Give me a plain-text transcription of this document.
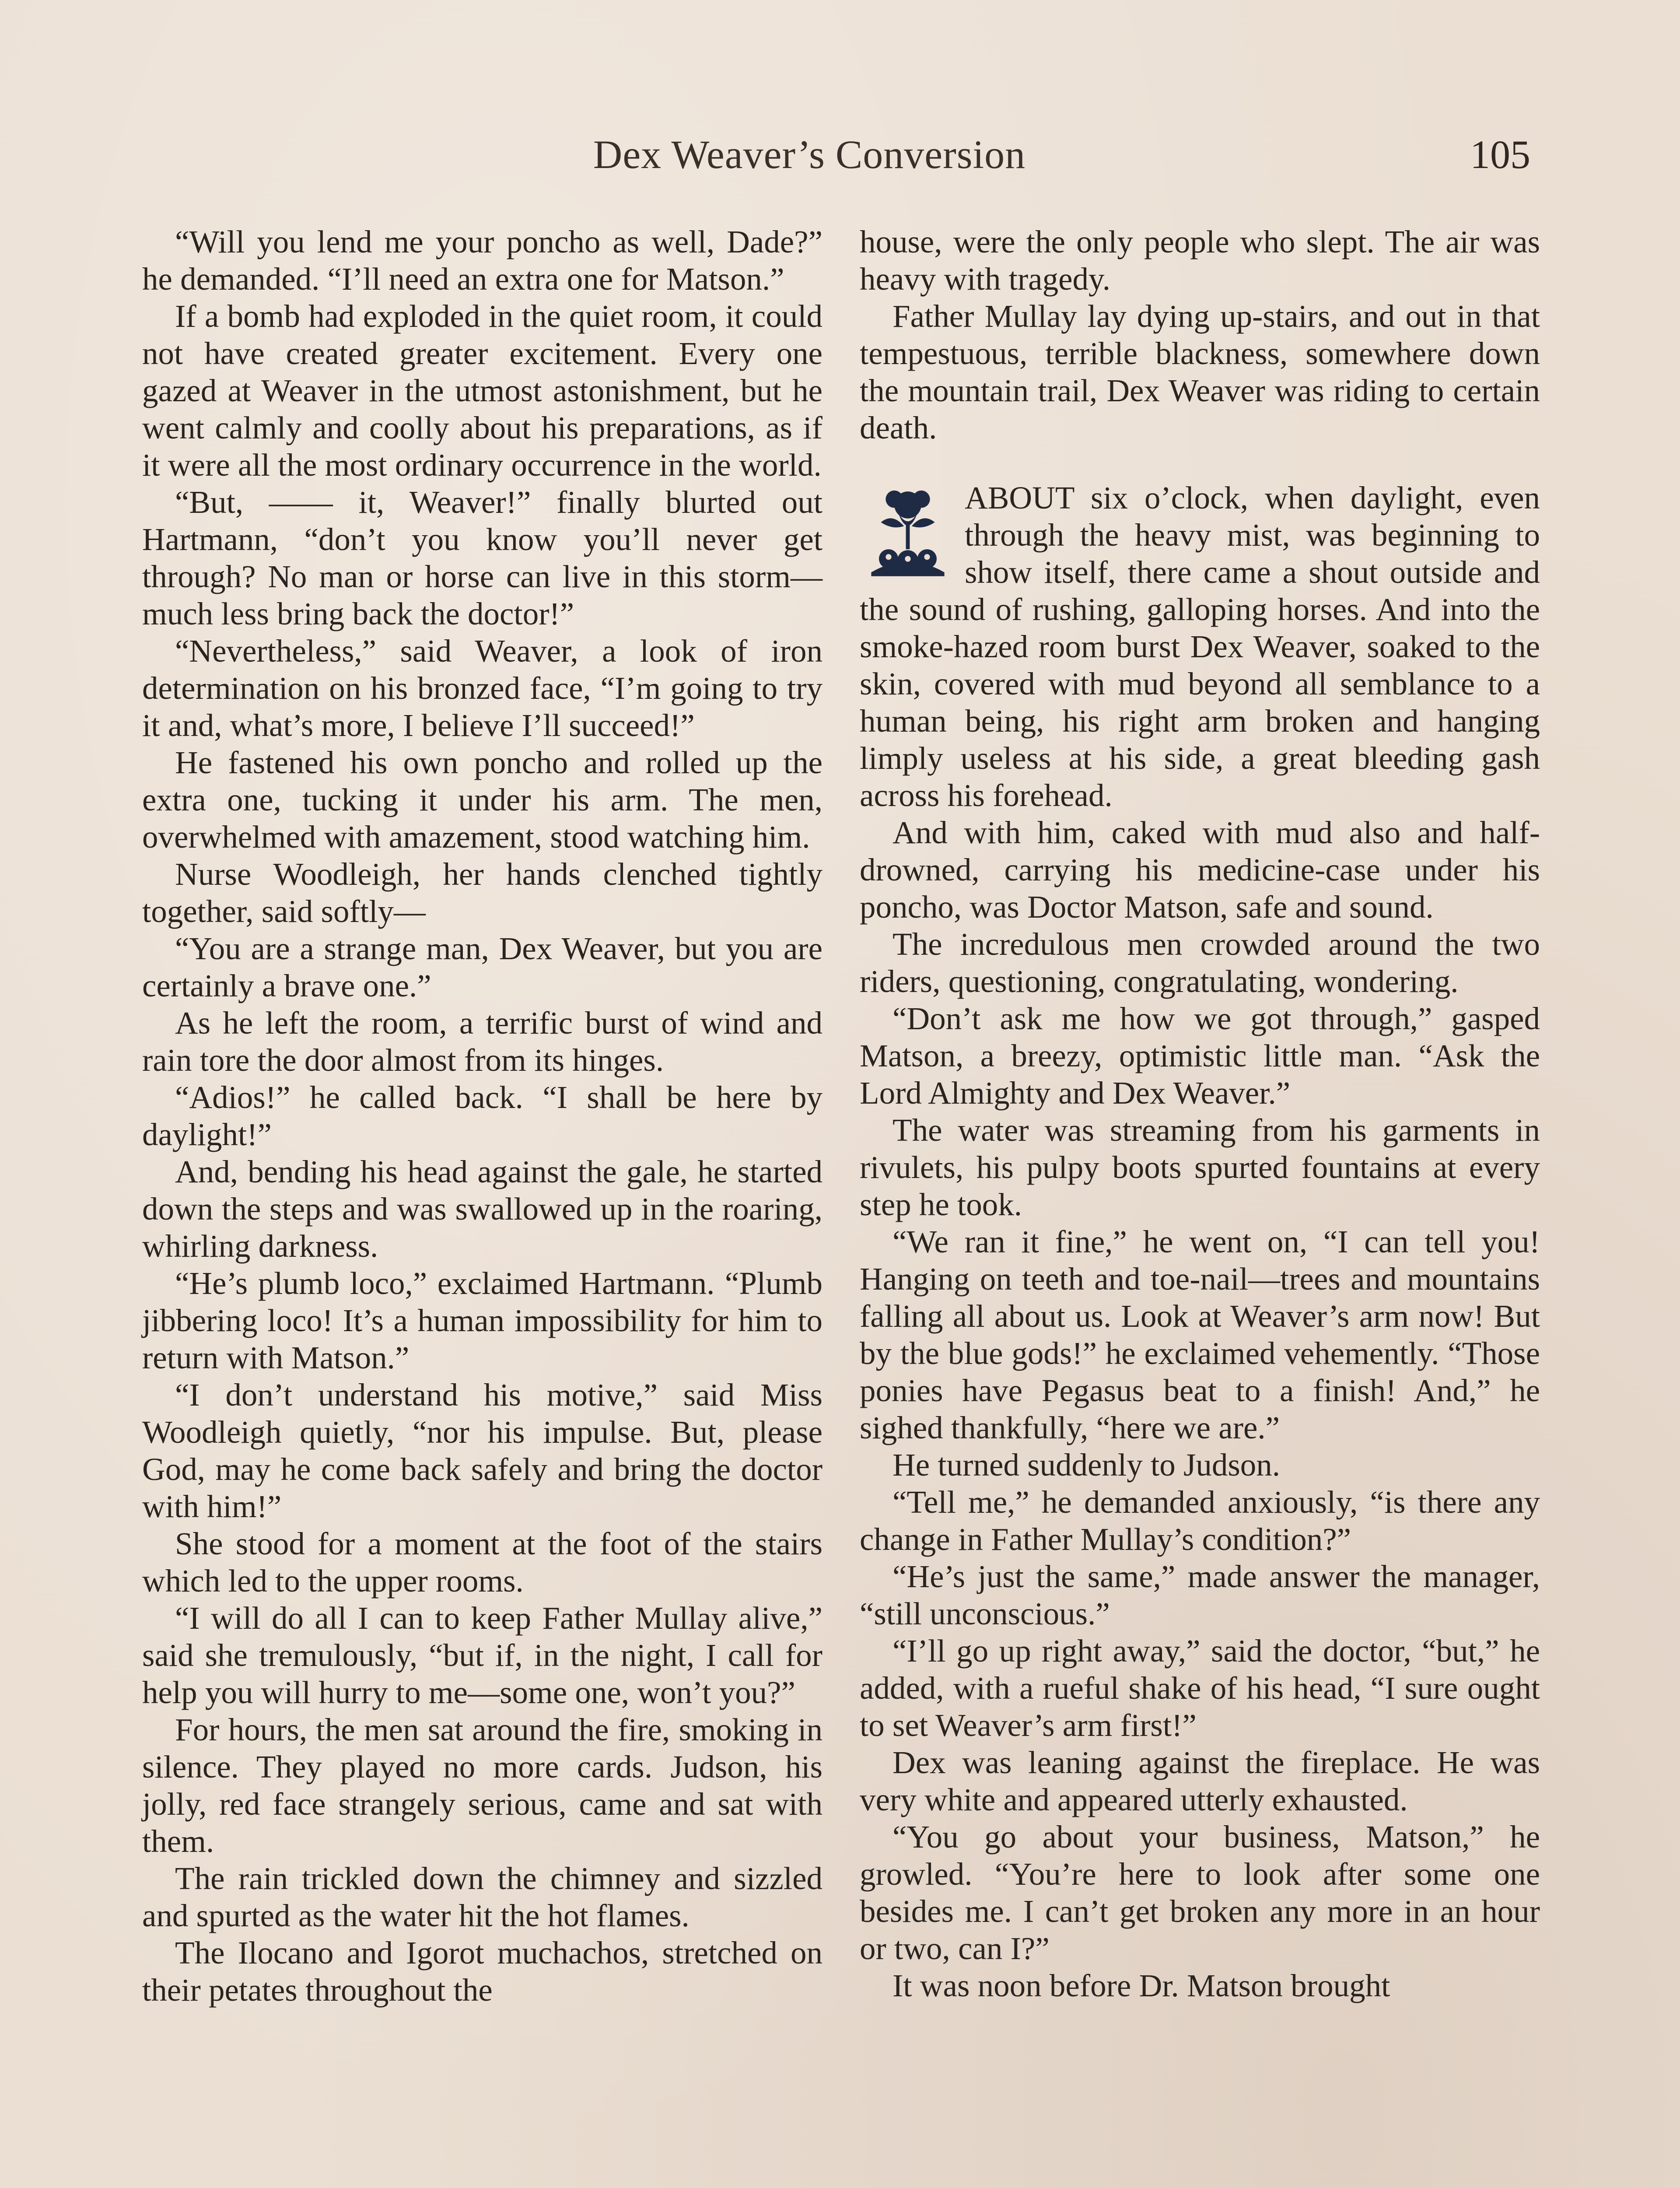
Dex Weaver’s Conversion	105

“Will you lend me your poncho as well, Dade?” he demanded. “I’ll need an extra one for Matson.”

If a bomb had exploded in the quiet room, it could not have created greater excitement. Every one gazed at Weaver in the utmost astonishment, but he went calmly and coolly about his preparations, as if it were all the most ordinary occurrence in the world.

“But, —— it, Weaver!” finally blurted out Hartmann, “don’t you know you’ll never get through? No man or horse can live in this storm—much less bring back the doctor!”

“Nevertheless,” said Weaver, a look of iron determination on his bronzed face, “I’m going to try it and, what’s more, I believe I’ll succeed!”

He fastened his own poncho and rolled up the extra one, tucking it under his arm. The men, overwhelmed with amazement, stood watching him.

Nurse Woodleigh, her hands clenched tightly together, said softly—

“You are a strange man, Dex Weaver, but you are certainly a brave one.”

As he left the room, a terrific burst of wind and rain tore the door almost from its hinges.

“Adios!” he called back. “I shall be here by daylight!”

And, bending his head against the gale, he started down the steps and was swallowed up in the roaring, whirling darkness.

“He’s plumb loco,” exclaimed Hartmann. “Plumb jibbering loco! It’s a human impossibility for him to return with Matson.”

“I don’t understand his motive,” said Miss Woodleigh quietly, “nor his impulse. But, please God, may he come back safely and bring the doctor with him!”

She stood for a moment at the foot of the stairs which led to the upper rooms.

“I will do all I can to keep Father Mullay alive,” said she tremulously, “but if, in the night, I call for help you will hurry to me—some one, won’t you?”

For hours, the men sat around the fire, smoking in silence. They played no more cards. Judson, his jolly, red face strangely serious, came and sat with them.

The rain trickled down the chimney and sizzled and spurted as the water hit the hot flames.

The Ilocano and Igorot muchachos, stretched on their petates throughout the

house, were the only people who slept. The air was heavy with tragedy.

Father Mullay lay dying up-stairs, and out in that tempestuous, terrible blackness, somewhere down the mountain trail, Dex Weaver was riding to certain death.

ABOUT six o’clock, when daylight, even through the heavy mist, was beginning to show itself, there came a shout outside and the sound of rushing, galloping horses. And into the smoke-hazed room burst Dex Weaver, soaked to the skin, covered with mud beyond all semblance to a human being, his right arm broken and hanging limply useless at his side, a great bleeding gash across his forehead.

And with him, caked with mud also and half-drowned, carrying his medicine-case under his poncho, was Doctor Matson, safe and sound.

The incredulous men crowded around the two riders, questioning, congratulating, wondering.

“Don’t ask me how we got through,” gasped Matson, a breezy, optimistic little man. “Ask the Lord Almighty and Dex Weaver.”

The water was streaming from his garments in rivulets, his pulpy boots spurted fountains at every step he took.

“We ran it fine,” he went on, “I can tell you! Hanging on teeth and toe-nail—trees and mountains falling all about us. Look at Weaver’s arm now! But by the blue gods!” he exclaimed vehemently. “Those ponies have Pegasus beat to a finish! And,” he sighed thankfully, “here we are.”

He turned suddenly to Judson.

“Tell me,” he demanded anxiously, “is there any change in Father Mullay’s condition?”

“He’s just the same,” made answer the manager, “still unconscious.”

“I’ll go up right away,” said the doctor, “but,” he added, with a rueful shake of his head, “I sure ought to set Weaver’s arm first!”

Dex was leaning against the fireplace. He was very white and appeared utterly exhausted.

“You go about your business, Matson,” he growled. “You’re here to look after some one besides me. I can’t get broken any more in an hour or two, can I?”

It was noon before Dr. Matson brought
